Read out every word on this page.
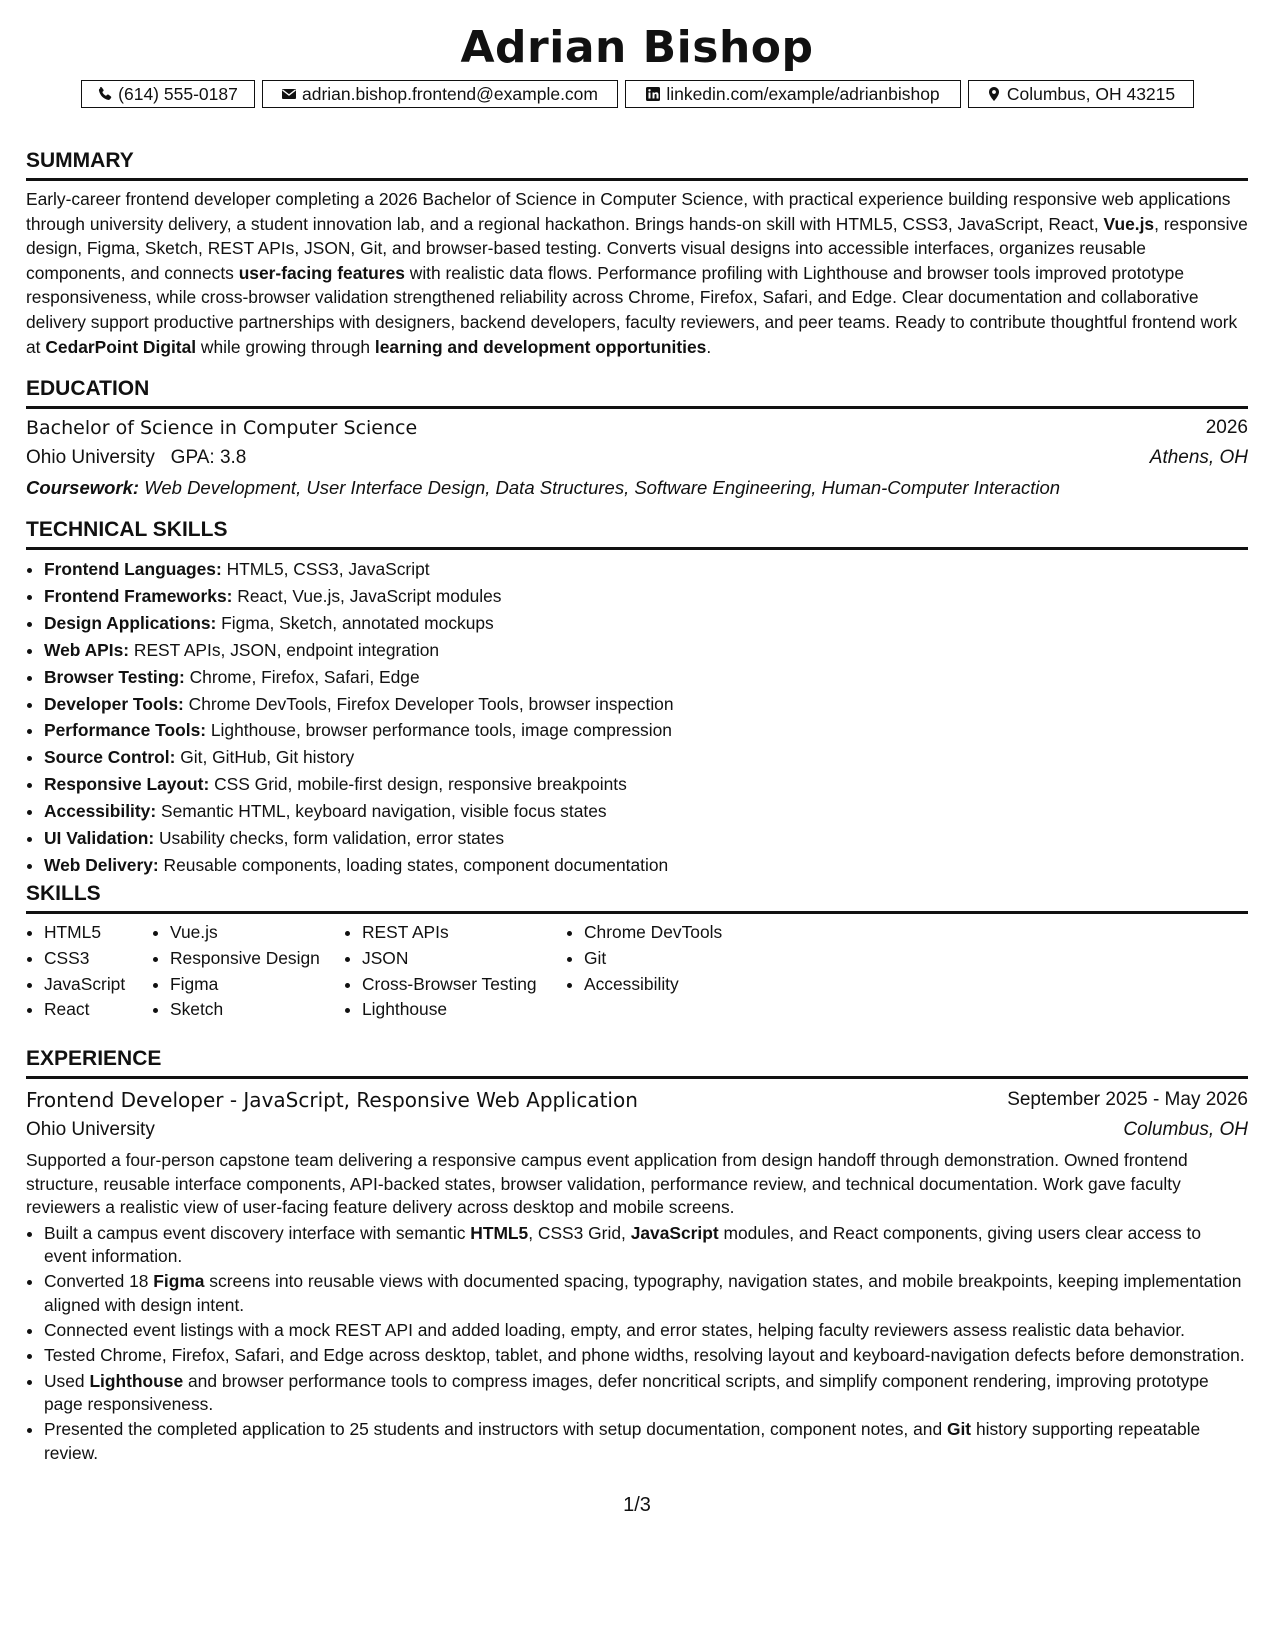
Adrian Bishop
(614) 555-0187	adrian.bishop.frontend@example.com	linkedin.com/example/adrianbishop	Columbus, OH 43215
SUMMARY

Early-career frontend developer completing a 2026 Bachelor of Science in Computer Science, with practical experience building responsive web applications through university delivery, a student innovation lab, and a regional hackathon. Brings hands-on skill with HTML5, CSS3, JavaScript, React, Vue.js, responsive design, Figma, Sketch, REST APIs, JSON, Git, and browser-based testing. Converts visual designs into accessible interfaces, organizes reusable components, and connects user-facing features with realistic data flows. Performance profiling with Lighthouse and browser tools improved prototype responsiveness, while cross-browser validation strengthened reliability across Chrome, Firefox, Safari, and Edge. Clear documentation and collaborative delivery support productive partnerships with designers, backend developers, faculty reviewers, and peer teams. Ready to contribute thoughtful frontend work at CedarPoint Digital while growing through learning and development opportunities.

EDUCATION
Bachelor of Science in Computer Science	2026
Ohio University GPA: 3.8	Athens, OH
Coursework: Web Development, User Interface Design, Data Structures, Software Engineering, Human-Computer Interaction
TECHNICAL SKILLS
• Frontend Languages: HTML5, CSS3, JavaScript
• Frontend Frameworks: React, Vue.js, JavaScript modules
• Design Applications: Figma, Sketch, annotated mockups
• Web APIs: REST APIs, JSON, endpoint integration
• Browser Testing: Chrome, Firefox, Safari, Edge
• Developer Tools: Chrome DevTools, Firefox Developer Tools, browser inspection
• Performance Tools: Lighthouse, browser performance tools, image compression
• Source Control: Git, GitHub, Git history
• Responsive Layout: CSS Grid, mobile-first design, responsive breakpoints
• Accessibility: Semantic HTML, keyboard navigation, visible focus states
• UI Validation: Usability checks, form validation, error states
• Web Delivery: Reusable components, loading states, component documentation
SKILLS
• HTML5
• CSS3
• JavaScript
• React
• Vue.js
• Responsive Design
• Figma
• Sketch
• REST APIs
• JSON
• Cross-Browser Testing
• Lighthouse
• Chrome DevTools
• Git
• Accessibility
EXPERIENCE
Frontend Developer - JavaScript, Responsive Web Application	September 2025 - May 2026
Ohio University	Columbus, OH

Supported a four-person capstone team delivering a responsive campus event application from design handoff through demonstration. Owned frontend structure, reusable interface components, API-backed states, browser validation, performance review, and technical documentation. Work gave faculty reviewers a realistic view of user-facing feature delivery across desktop and mobile screens.

• Built a campus event discovery interface with semantic HTML5, CSS3 Grid, JavaScript modules, and React components, giving users clear access to event information.
• Converted 18 Figma screens into reusable views with documented spacing, typography, navigation states, and mobile breakpoints, keeping implementation aligned with design intent.
• Connected event listings with a mock REST API and added loading, empty, and error states, helping faculty reviewers assess realistic data behavior.
• Tested Chrome, Firefox, Safari, and Edge across desktop, tablet, and phone widths, resolving layout and keyboard-navigation defects before demonstration.
• Used Lighthouse and browser performance tools to compress images, defer noncritical scripts, and simplify component rendering, improving prototype page responsiveness.
• Presented the completed application to 25 students and instructors with setup documentation, component notes, and Git history supporting repeatable review.
1/3
